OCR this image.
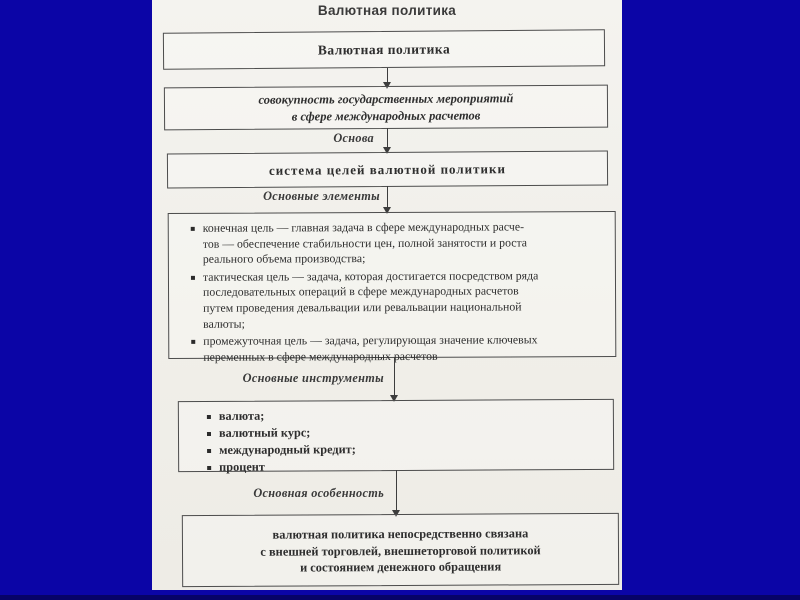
Валютная политика
Валютная политика
совокупность государственных мероприятий
в сфере международных расчетов
Основа
система целей валютной политики
Основные элементы
конечная цель — главная задача в сфере международных расче-
тов — обеспечение стабильности цен, полной занятости и роста
реального объема производства;
тактическая цель — задача, которая достигается посредством ряда
последовательных операций в сфере международных расчетов
путем проведения девальвации или ревальвации национальной
валюты;
промежуточная цель — задача, регулирующая значение ключевых
переменных в сфере международных расчетов
Основные инструменты
валюта;
валютный курс;
международный кредит;
процент
Основная особенность
валютная политика непосредственно связана
с внешней торговлей, внешнеторговой политикой
и состоянием денежного обращения
